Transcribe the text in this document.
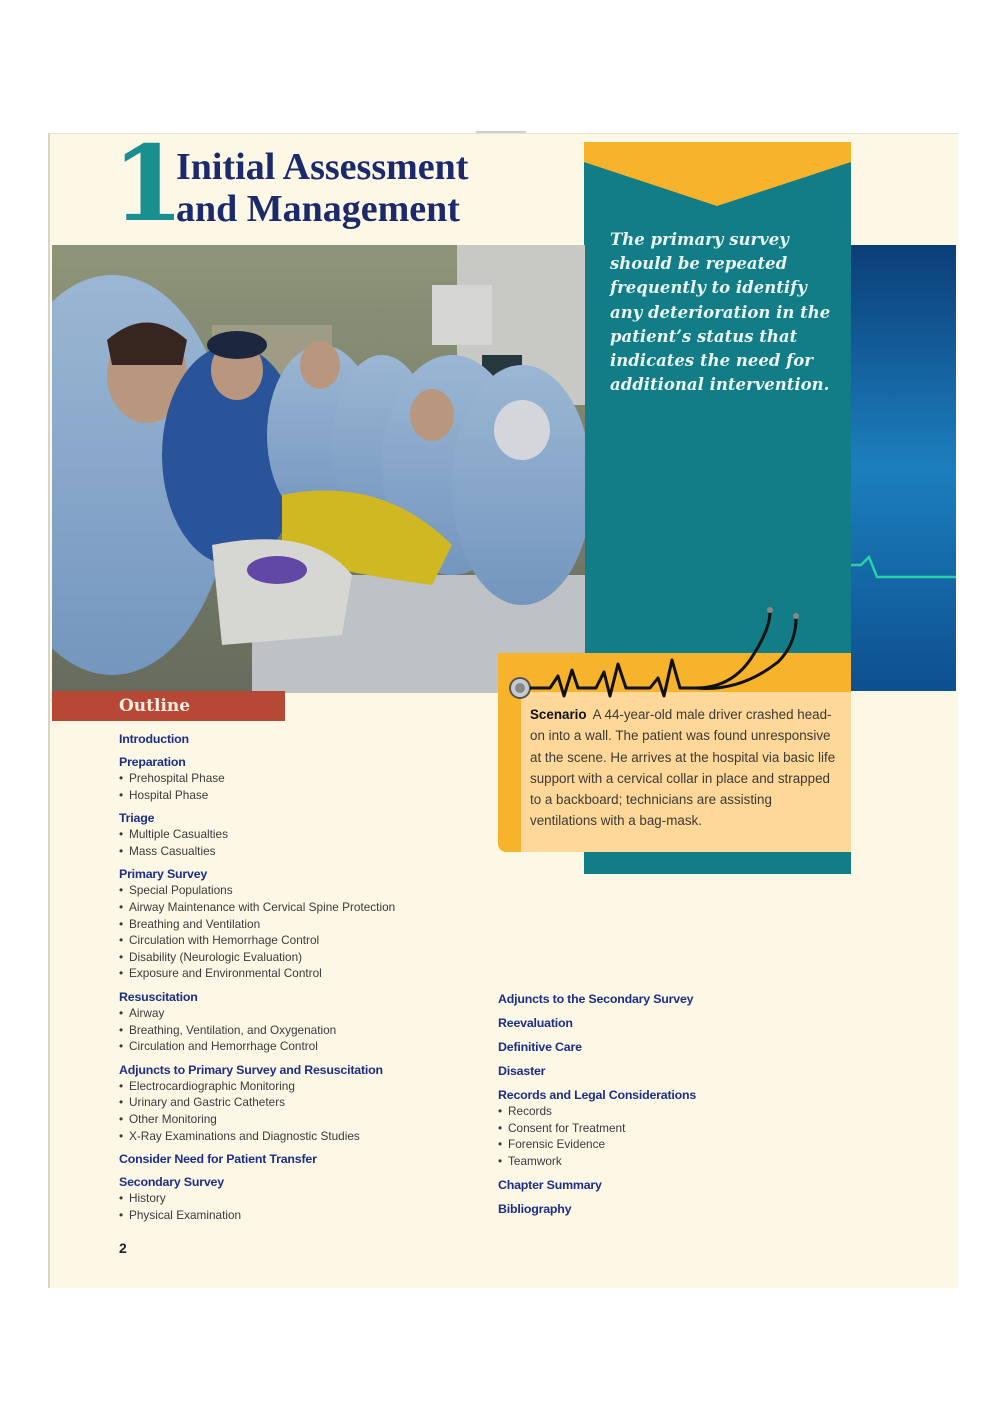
The primary survey should be repeated frequently to identify any deterioration in the patient’s status that indicates the need for additional intervention.

1
Initial Assessment
and Management

Scenario A 44-year-old male driver crashed head-on into a wall. The patient was found unresponsive at the scene. He arrives at the hospital via basic life support with a cervical collar in place and strapped to a backboard; technicians are assisting ventilations with a bag-mask.

Outline
Introduction
Preparation
• Prehospital Phase
• Hospital Phase
Triage
• Multiple Casualties
• Mass Casualties
Primary Survey
• Special Populations
• Airway Maintenance with Cervical Spine Protection
• Breathing and Ventilation
• Circulation with Hemorrhage Control
• Disability (Neurologic Evaluation)
• Exposure and Environmental Control
Resuscitation
• Airway
• Breathing, Ventilation, and Oxygenation
• Circulation and Hemorrhage Control
Adjuncts to Primary Survey and Resuscitation
• Electrocardiographic Monitoring
• Urinary and Gastric Catheters
• Other Monitoring
• X-Ray Examinations and Diagnostic Studies
Consider Need for Patient Transfer
Secondary Survey
• History
• Physical Examination
Adjuncts to the Secondary Survey
Reevaluation
Definitive Care
Disaster
Records and Legal Considerations
• Records
• Consent for Treatment
• Forensic Evidence
• Teamwork
Chapter Summary
Bibliography
2
